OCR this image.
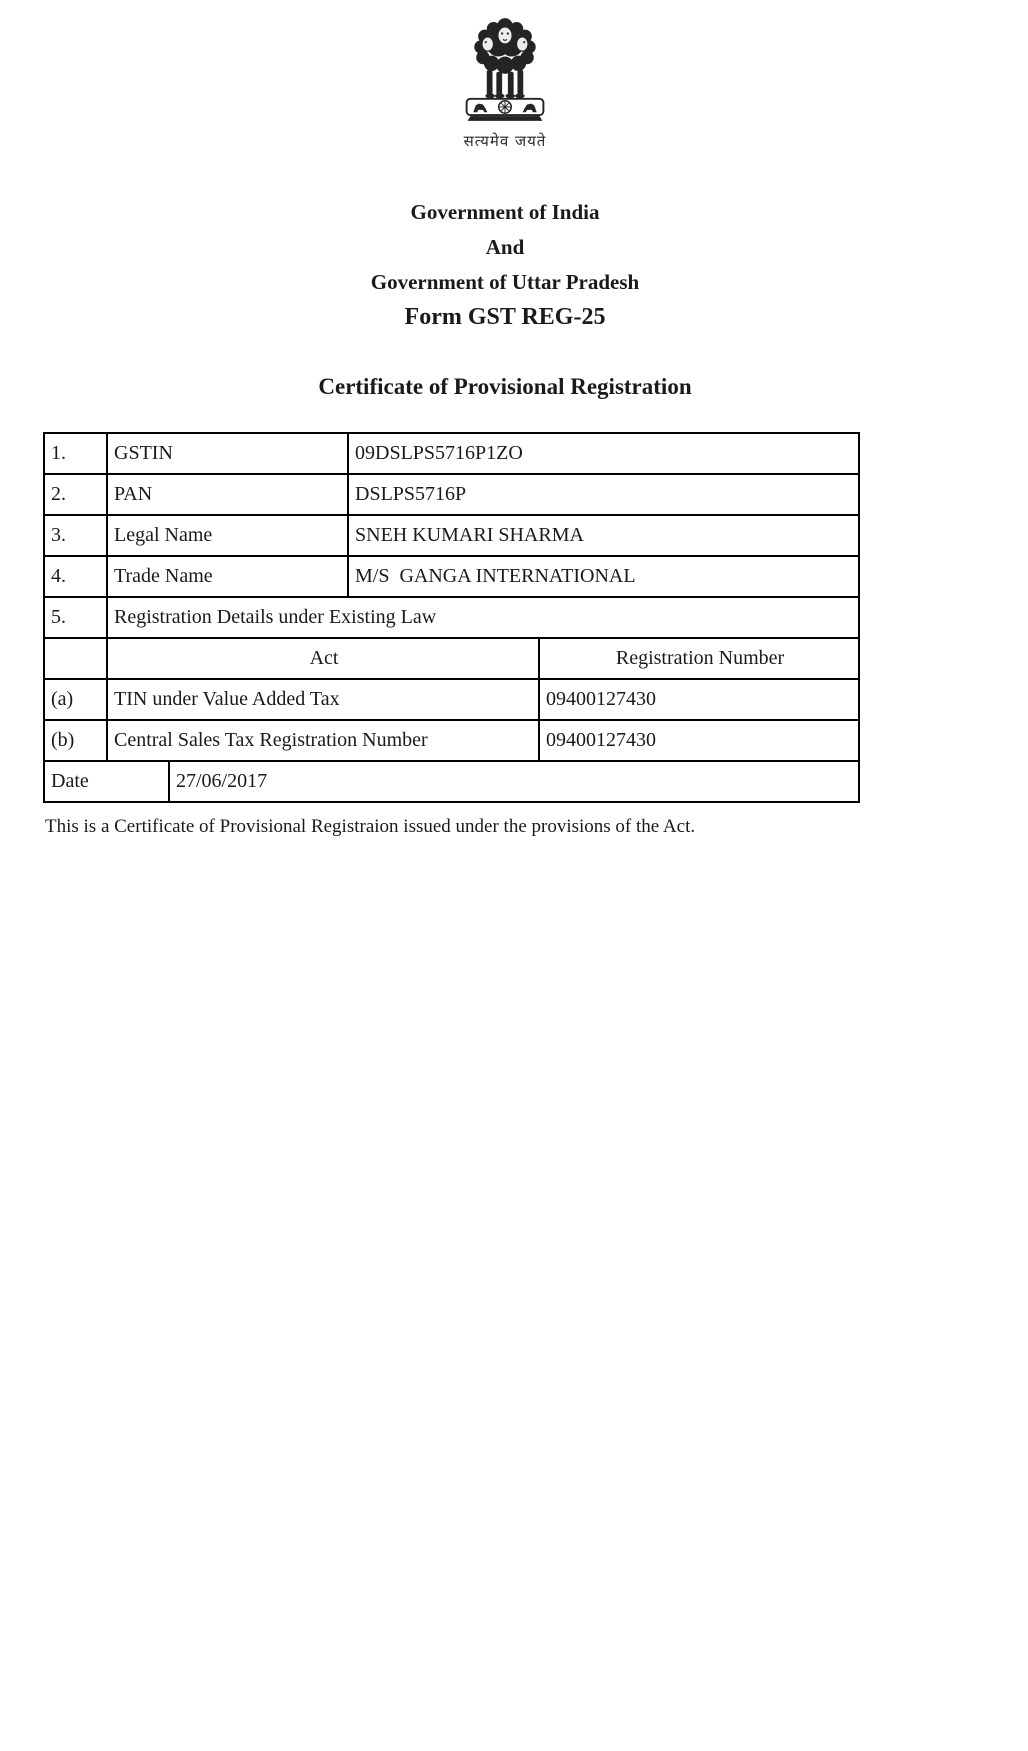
सत्यमेव जयते
Government of India
And
Government of Uttar Pradesh
Form GST REG-25
Certificate of Provisional Registration
1.	GSTIN		09DSLPS5716P1ZO	
2.	PAN		DSLPS5716P	
3.	Legal Name		SNEH KUMARI SHARMA	
4.	Trade Name		M/S  GANGA INTERNATIONAL	
5.	Registration Details under Existing Law			
	Act			Registration Number
(a)	TIN under Value Added Tax			09400127430
(b)	Central Sales Tax Registration Number			09400127430
Date		27/06/2017		

This is a Certificate of Provisional Registraion issued under the provisions of the Act.
